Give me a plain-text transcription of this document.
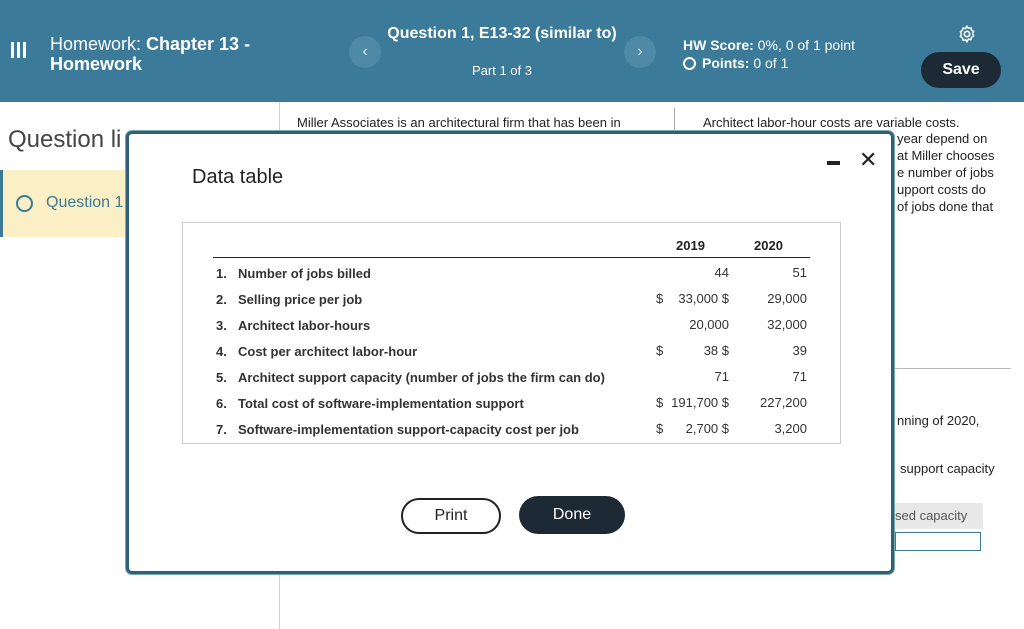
Homework: Chapter 13 -
Homework
‹
Question 1, E13-32 (similar to)
Part 1 of 3
›	HW Score: 0%, 0 of 1 point
Points: 0 of 1	Save
Question li
Question 1
Miller Associates is an architectural firm that has been in	Architect labor-hour costs are variable costs.
year depend on
at Miller chooses
e number of jobs
upport costs do
of jobs done that
nning of 2020,
support capacity
sed capacity
Data table
✕
2019	2020
1. Number of jobs billed	44	51
2. Selling price per job	$	33,000 $	29,000
3. Architect labor-hours	20,000	32,000
4. Cost per architect labor-hour	$	38 $	39
5. Architect support capacity (number of jobs the firm can do)	71	71
6. Total cost of software-implementation support	$ 191,700 $	227,200
7. Software-implementation support-capacity cost per job	$	2,700 $	3,200
Print	Done
